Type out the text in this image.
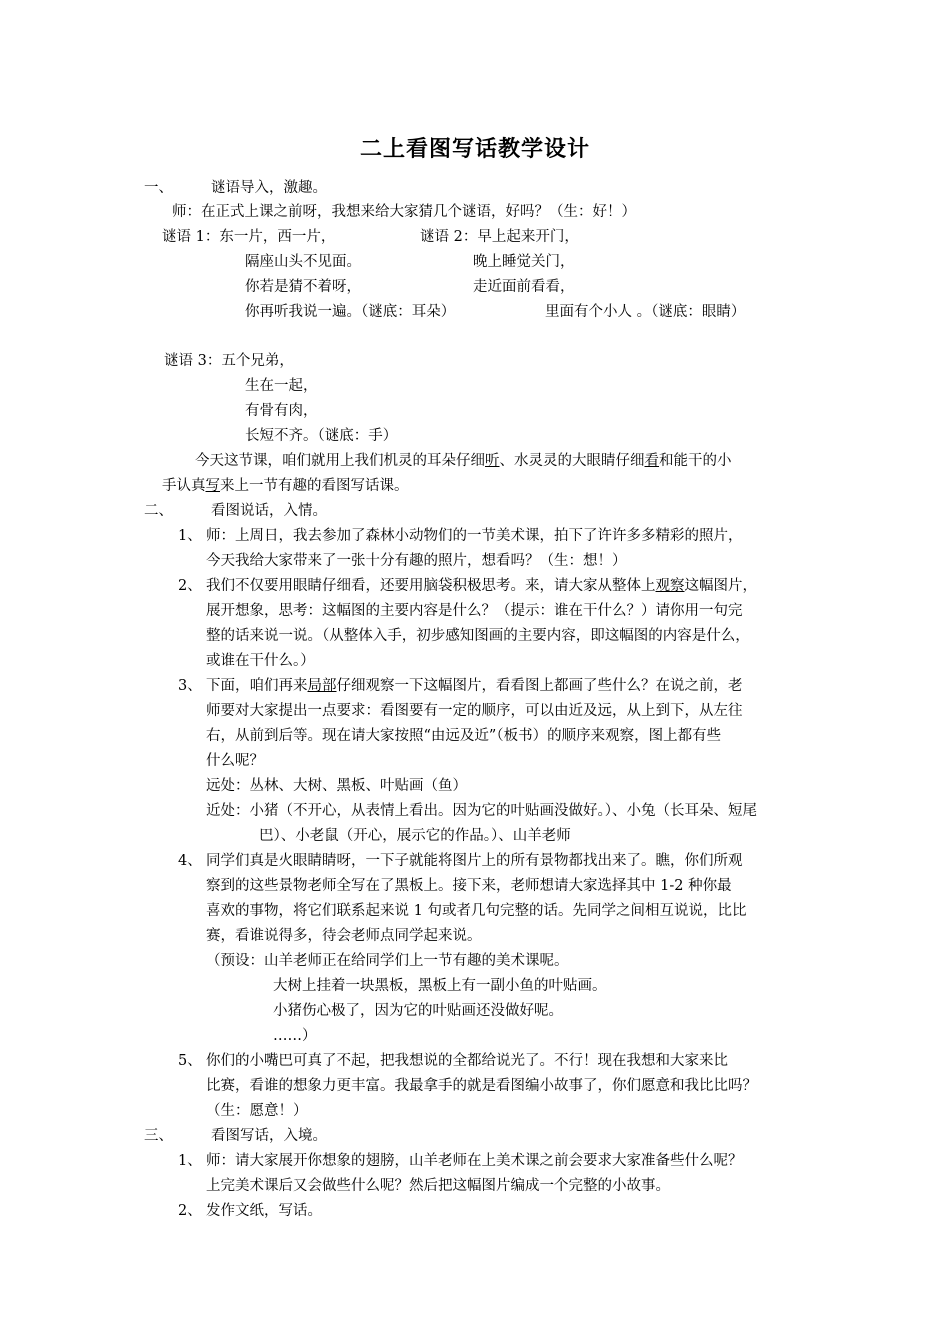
二上看图写话教学设计
一、	谜语导入，激趣。
师：在正式上课之前呀，我想来给大家猜几个谜语，好吗？（生：好！）
谜语 1：东一片，西一片，
隔座山头不见面。
你若是猜不着呀，
你再听我说一遍。（谜底：耳朵）
谜语 2：早上起来开门，
晚上睡觉关门，
走近面前看看，
里面有个小人 。（谜底：眼睛）
谜语 3：五个兄弟，
生在一起，
有骨有肉，
长短不齐。（谜底：手）
今天这节课，咱们就用上我们机灵的耳朵仔细听、水灵灵的大眼睛仔细看和能干的小
手认真写来上一节有趣的看图写话课。
二、	看图说话，入情。
1、 师：上周日，我去参加了森林小动物们的一节美术课，拍下了许许多多精彩的照片，
今天我给大家带来了一张十分有趣的照片，想看吗？（生：想！）
2、 我们不仅要用眼睛仔细看，还要用脑袋积极思考。来，请大家从整体上观察这幅图片，
展开想象，思考：这幅图的主要内容是什么？（提示：谁在干什么？）请你用一句完
整的话来说一说。（从整体入手，初步感知图画的主要内容，即这幅图的内容是什么，
或谁在干什么。）
3、 下面，咱们再来局部仔细观察一下这幅图片，看看图上都画了些什么？在说之前，老
师要对大家提出一点要求：看图要有一定的顺序，可以由近及远，从上到下，从左往
右，从前到后等。现在请大家按照“由远及近”（板书）的顺序来观察，图上都有些
什么呢？
远处：丛林、大树、黑板、叶贴画（鱼）
近处：小猪（不开心，从表情上看出。因为它的叶贴画没做好。）、小兔（长耳朵、短尾
巴）、小老鼠（开心，展示它的作品。）、山羊老师
4、 同学们真是火眼睛睛呀，一下子就能将图片上的所有景物都找出来了。瞧，你们所观
察到的这些景物老师全写在了黑板上。接下来，老师想请大家选择其中 1-2 种你最
喜欢的事物，将它们联系起来说 1 句或者几句完整的话。先同学之间相互说说，比比
赛，看谁说得多，待会老师点同学起来说。
（预设：山羊老师正在给同学们上一节有趣的美术课呢。
大树上挂着一块黑板，黑板上有一副小鱼的叶贴画。
小猪伤心极了，因为它的叶贴画还没做好呢。
……）
5、 你们的小嘴巴可真了不起，把我想说的全都给说光了。不行！现在我想和大家来比
比赛，看谁的想象力更丰富。我最拿手的就是看图编小故事了，你们愿意和我比比吗？
（生：愿意！）
三、	看图写话，入境。
1、 师：请大家展开你想象的翅膀，山羊老师在上美术课之前会要求大家准备些什么呢？
上完美术课后又会做些什么呢？然后把这幅图片编成一个完整的小故事。
2、 发作文纸，写话。
